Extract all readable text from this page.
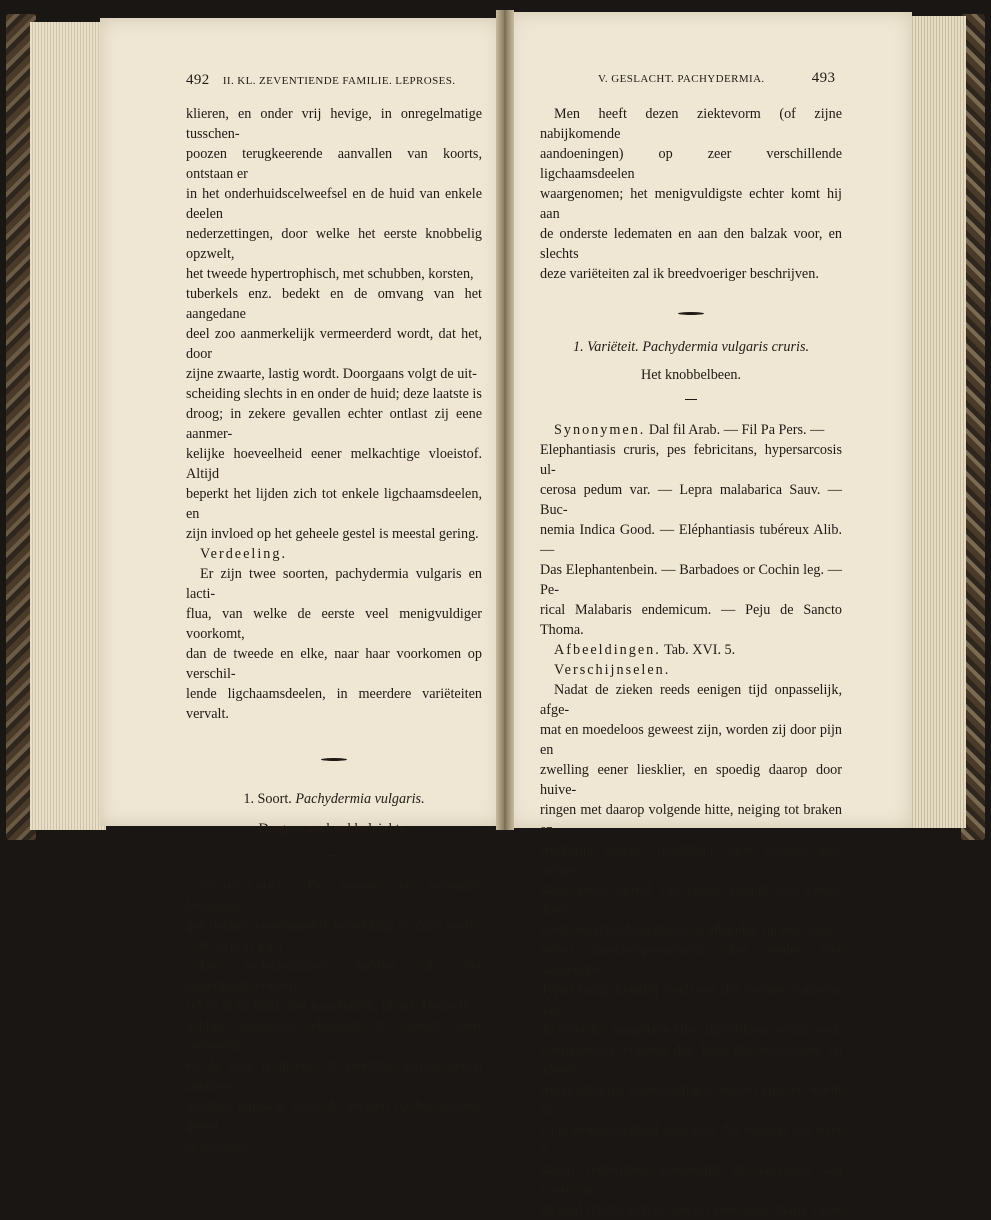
492 II. KL. ZEVENTIENDE FAMILIE. LEPROSES.

klieren, en onder vrij hevige, in onregelmatige tusschen-

poozen terugkeerende aanvallen van koorts, ontstaan er

in het onderhuidscelweefsel en de huid van enkele deelen

nederzettingen, door welke het eerste knobbelig opzwelt,

het tweede hypertrophisch, met schubben, korsten,

tuberkels enz. bedekt en de omvang van het aangedane

deel zoo aanmerkelijk vermeerderd wordt, dat het, door

zijne zwaarte, lastig wordt. Doorgaans volgt de uit-

scheiding slechts in en onder de huid; deze laatste is

droog; in zekere gevallen echter ontlast zij eene aanmer-

kelijke hoeveelheid eener melkachtige vloeistof. Altijd

beperkt het lijden zich tot enkele ligchaamsdeelen, en

zijn invloed op het geheele gestel is meestal gering.

Verdeeling.

Er zijn twee soorten, pachydermia vulgaris en lacti-

flua, van welke de eerste veel menigvuldiger voorkomt,

dan de tweede en elke, naar haar voorkomen op verschil-

lende ligchaamsdeelen, in meerdere variëteiten vervalt.

1. Soort. Pachydermia vulgaris.

De gewone knobbelziekte.

Synonymen. De meeste der vermelde benamin-

gen hebben voornamelijk betrekking op deze soort.

Kenmerken.

De nederzettingen hebben in het onderhuidscelweef-

sel en in de huid, niet naar buiten, plaats. De melk-

achtige uitgestorte vloeistof der tweede soort ontbreekt

en de huid is droog; de zwelling bereikt eenen aanmer-

kelijken omvang, doch de invloed op het geheele gestel

is geringer.

V. GESLACHT. PACHYDERMIA.	493

Men heeft dezen ziektevorm (of zijne nabijkomende

aandoeningen) op zeer verschillende ligchaamsdeelen

waargenomen; het menigvuldigste echter komt hij aan

de onderste ledematen en aan den balzak voor, en slechts

deze variëteiten zal ik breedvoeriger beschrijven.

1. Variëteit. Pachydermia vulgaris cruris.

Het knobbelbeen.

Synonymen. Dal fil Arab. — Fil Pa Pers. —

Elephantiasis cruris, pes febricitans, hypersarcosis ul-

cerosa pedum var. — Lepra malabarica Sauv. — Buc-

nemia Indica Good. — Eléphantiasis tubéreux Alib. —

Das Elephantenbein. — Barbadoes or Cochin leg. — Pe-

rical Malabaris endemicum. — Peju de Sancto Thoma.

Afbeeldingen. Tab. XVI. 5.

Verschijnselen.

Nadat de zieken reeds eenigen tijd onpasselijk, afge-

mat en moedeloos geweest zijn, worden zij door pijn en

zwelling eener liesklier, en spoedig daarop door huive-

ringen met daarop volgende hitte, neiging tot braken en

werkelijk braken, hoofdpijn, ligte ijlingen enz. aange-

daan. Deze aanval van koorts eindigt met zweet, doch

keert, verscheidene dagen na elkander, nu eens met

eenen tusschenpoozenden, dan weder met nalatenden

Typus terug. Daarbij zwelt een der beenen, namelijk aan

de zijde der aangedane klier, ligtelijk op, wordt rood,

voornamelijk volgens den loop der watervaten en aderen,

welke dikwijls snoervormig te voelen zijn, en wordt in

zijne bewegelijkheid gestremd. Na verloop van 6 tot 8

dagen verdwijnen gewoonlijk de aanvallen van koorts, en

de huid schubt zich af, slechts eene ligte, matig vaste
